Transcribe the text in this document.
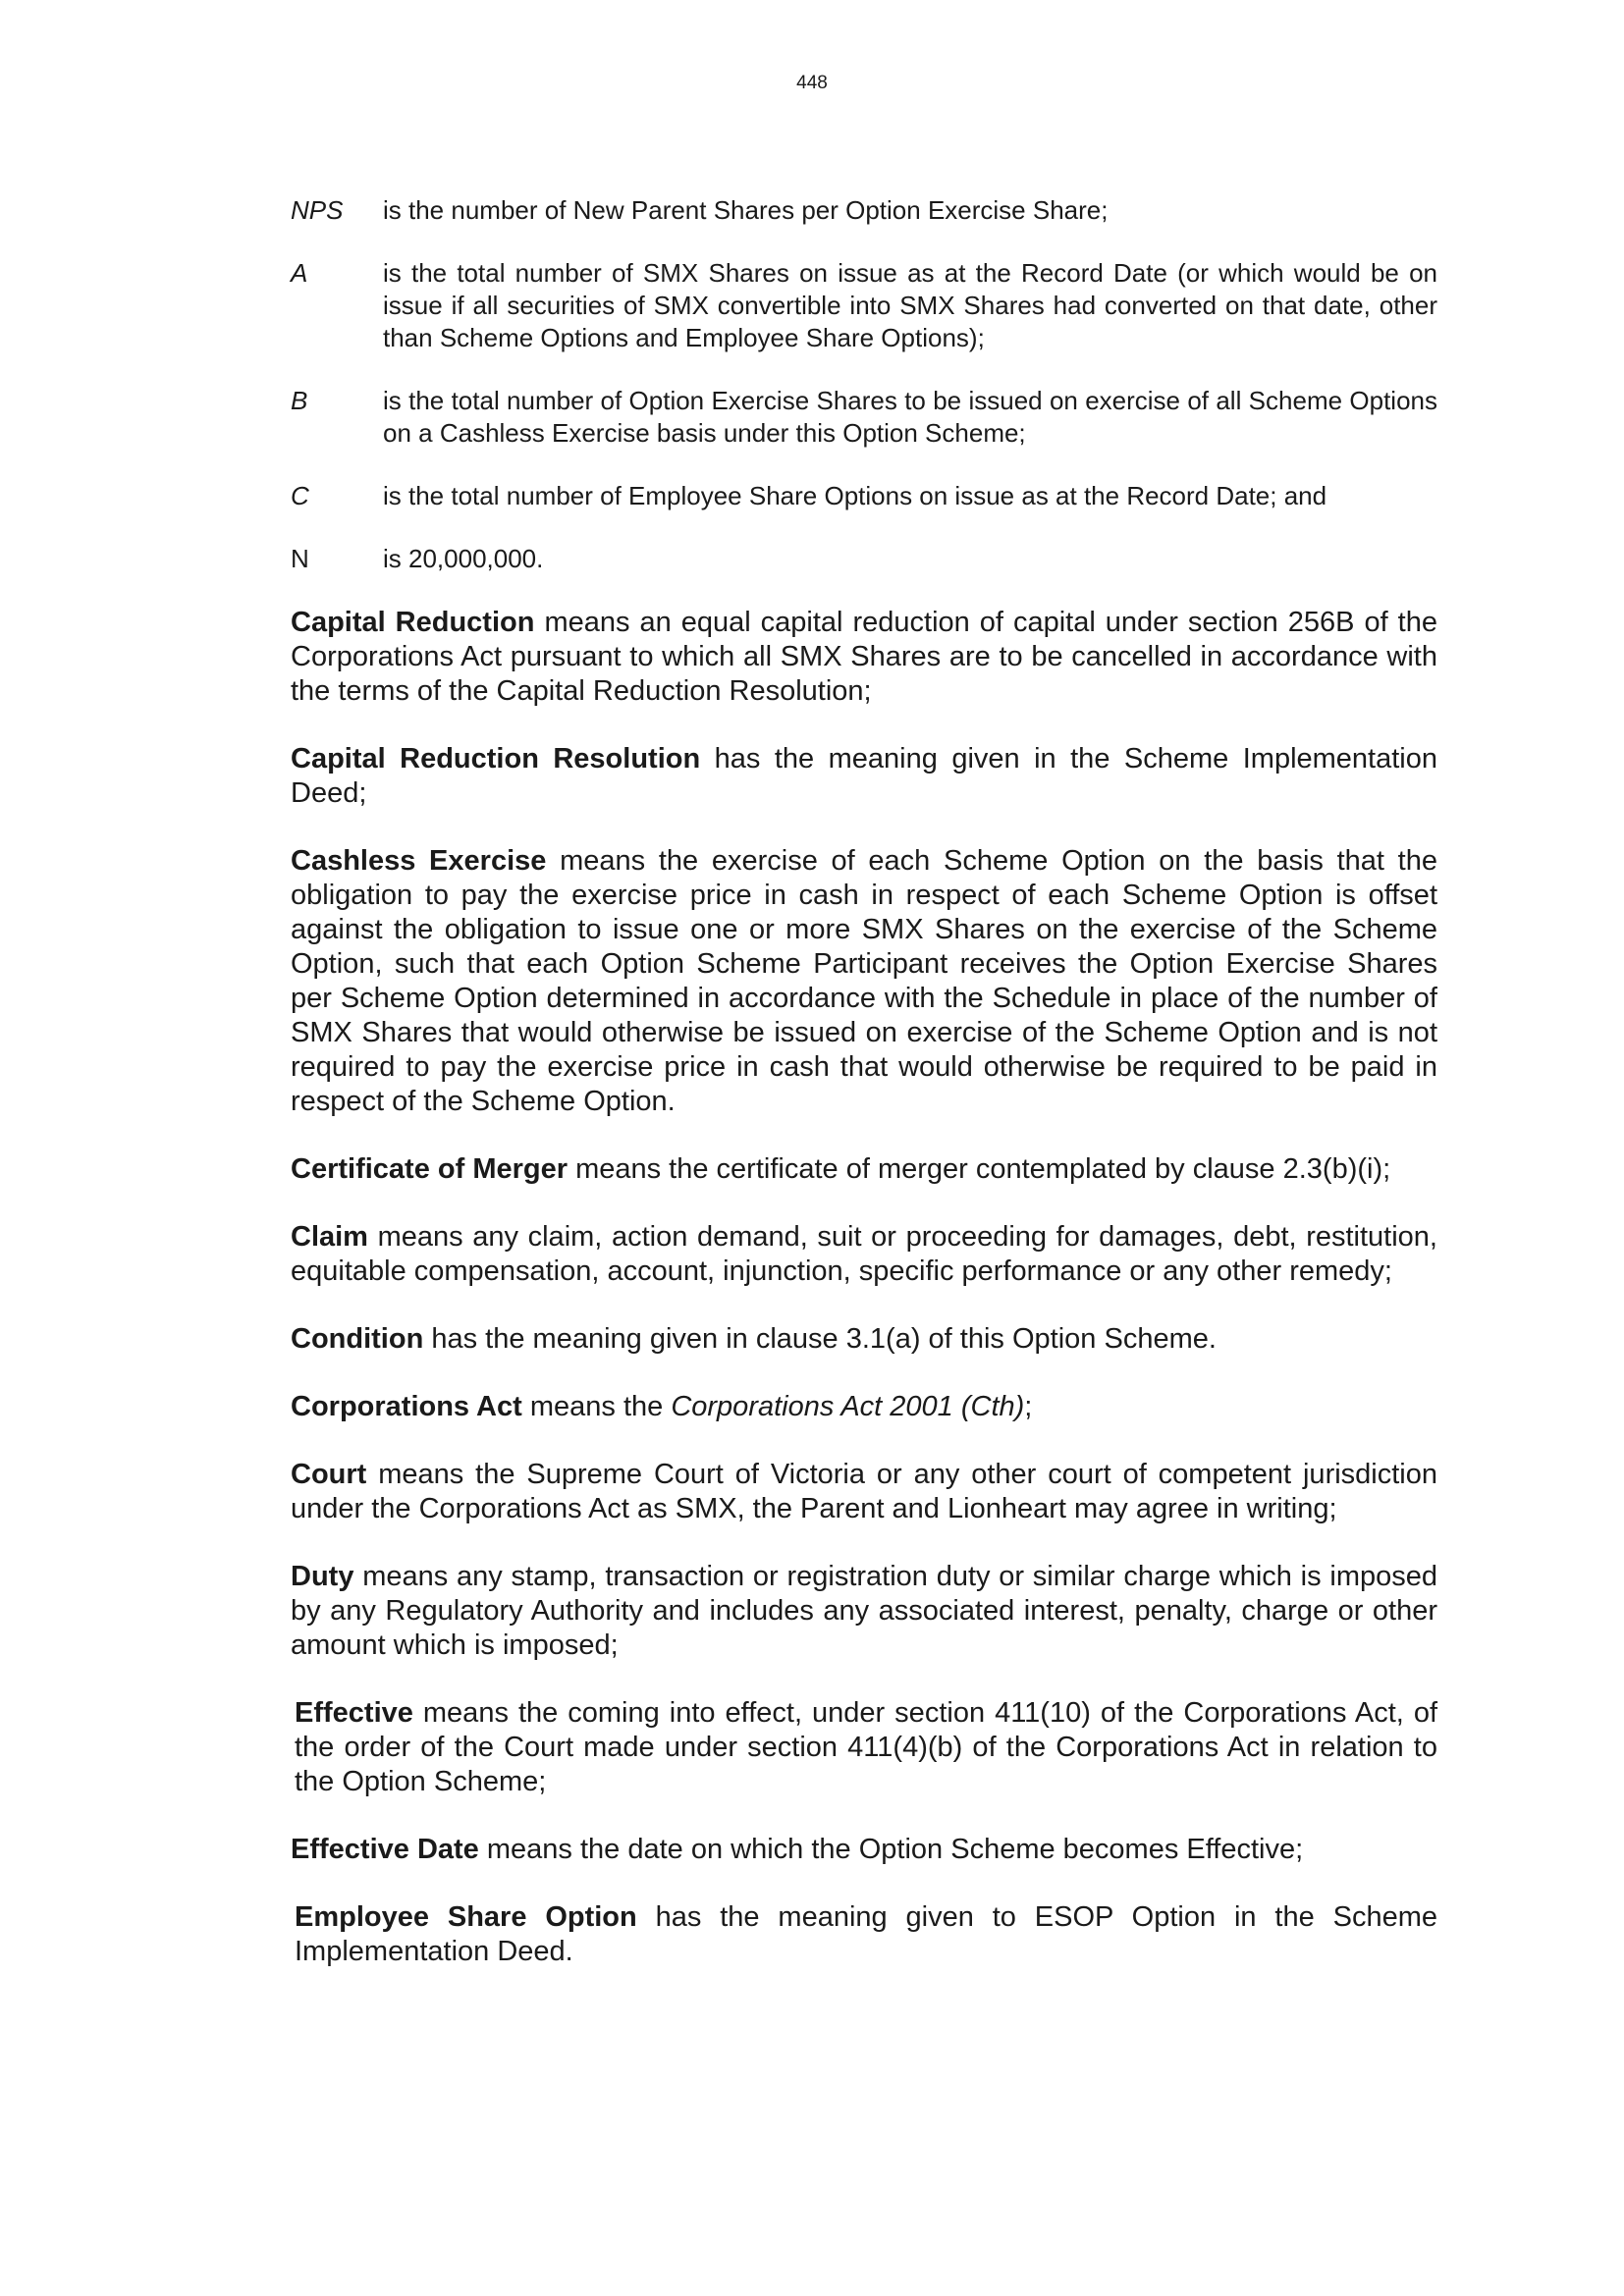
448
NPS	is the number of New Parent Shares per Option Exercise Share;
A	is the total number of SMX Shares on issue as at the Record Date (or which would be on issue if all securities of SMX convertible into SMX Shares had converted on that date, other than Scheme Options and Employee Share Options);
B	is the total number of Option Exercise Shares to be issued on exercise of all Scheme Options on a Cashless Exercise basis under this Option Scheme;
C	is the total number of Employee Share Options on issue as at the Record Date; and
N	is 20,000,000.

Capital Reduction means an equal capital reduction of capital under section 256B of the Corporations Act pursuant to which all SMX Shares are to be cancelled in accordance with the terms of the Capital Reduction Resolution;

Capital Reduction Resolution has the meaning given in the Scheme Implementation Deed;

Cashless Exercise means the exercise of each Scheme Option on the basis that the obligation to pay the exercise price in cash in respect of each Scheme Option is offset against the obligation to issue one or more SMX Shares on the exercise of the Scheme Option, such that each Option Scheme Participant receives the Option Exercise Shares per Scheme Option determined in accordance with the Schedule in place of the number of SMX Shares that would otherwise be issued on exercise of the Scheme Option and is not required to pay the exercise price in cash that would otherwise be required to be paid in respect of the Scheme Option.

Certificate of Merger means the certificate of merger contemplated by clause 2.3(b)(i);

Claim means any claim, action demand, suit or proceeding for damages, debt, restitution, equitable compensation, account, injunction, specific performance or any other remedy;

Condition has the meaning given in clause 3.1(a) of this Option Scheme.

Corporations Act means the Corporations Act 2001 (Cth);

Court means the Supreme Court of Victoria or any other court of competent jurisdiction under the Corporations Act as SMX, the Parent and Lionheart may agree in writing;

Duty means any stamp, transaction or registration duty or similar charge which is imposed by any Regulatory Authority and includes any associated interest, penalty, charge or other amount which is imposed;

Effective means the coming into effect, under section 411(10) of the Corporations Act, of the order of the Court made under section 411(4)(b) of the Corporations Act in relation to the Option Scheme;

Effective Date means the date on which the Option Scheme becomes Effective;

Employee Share Option has the meaning given to ESOP Option in the Scheme Implementation Deed.
